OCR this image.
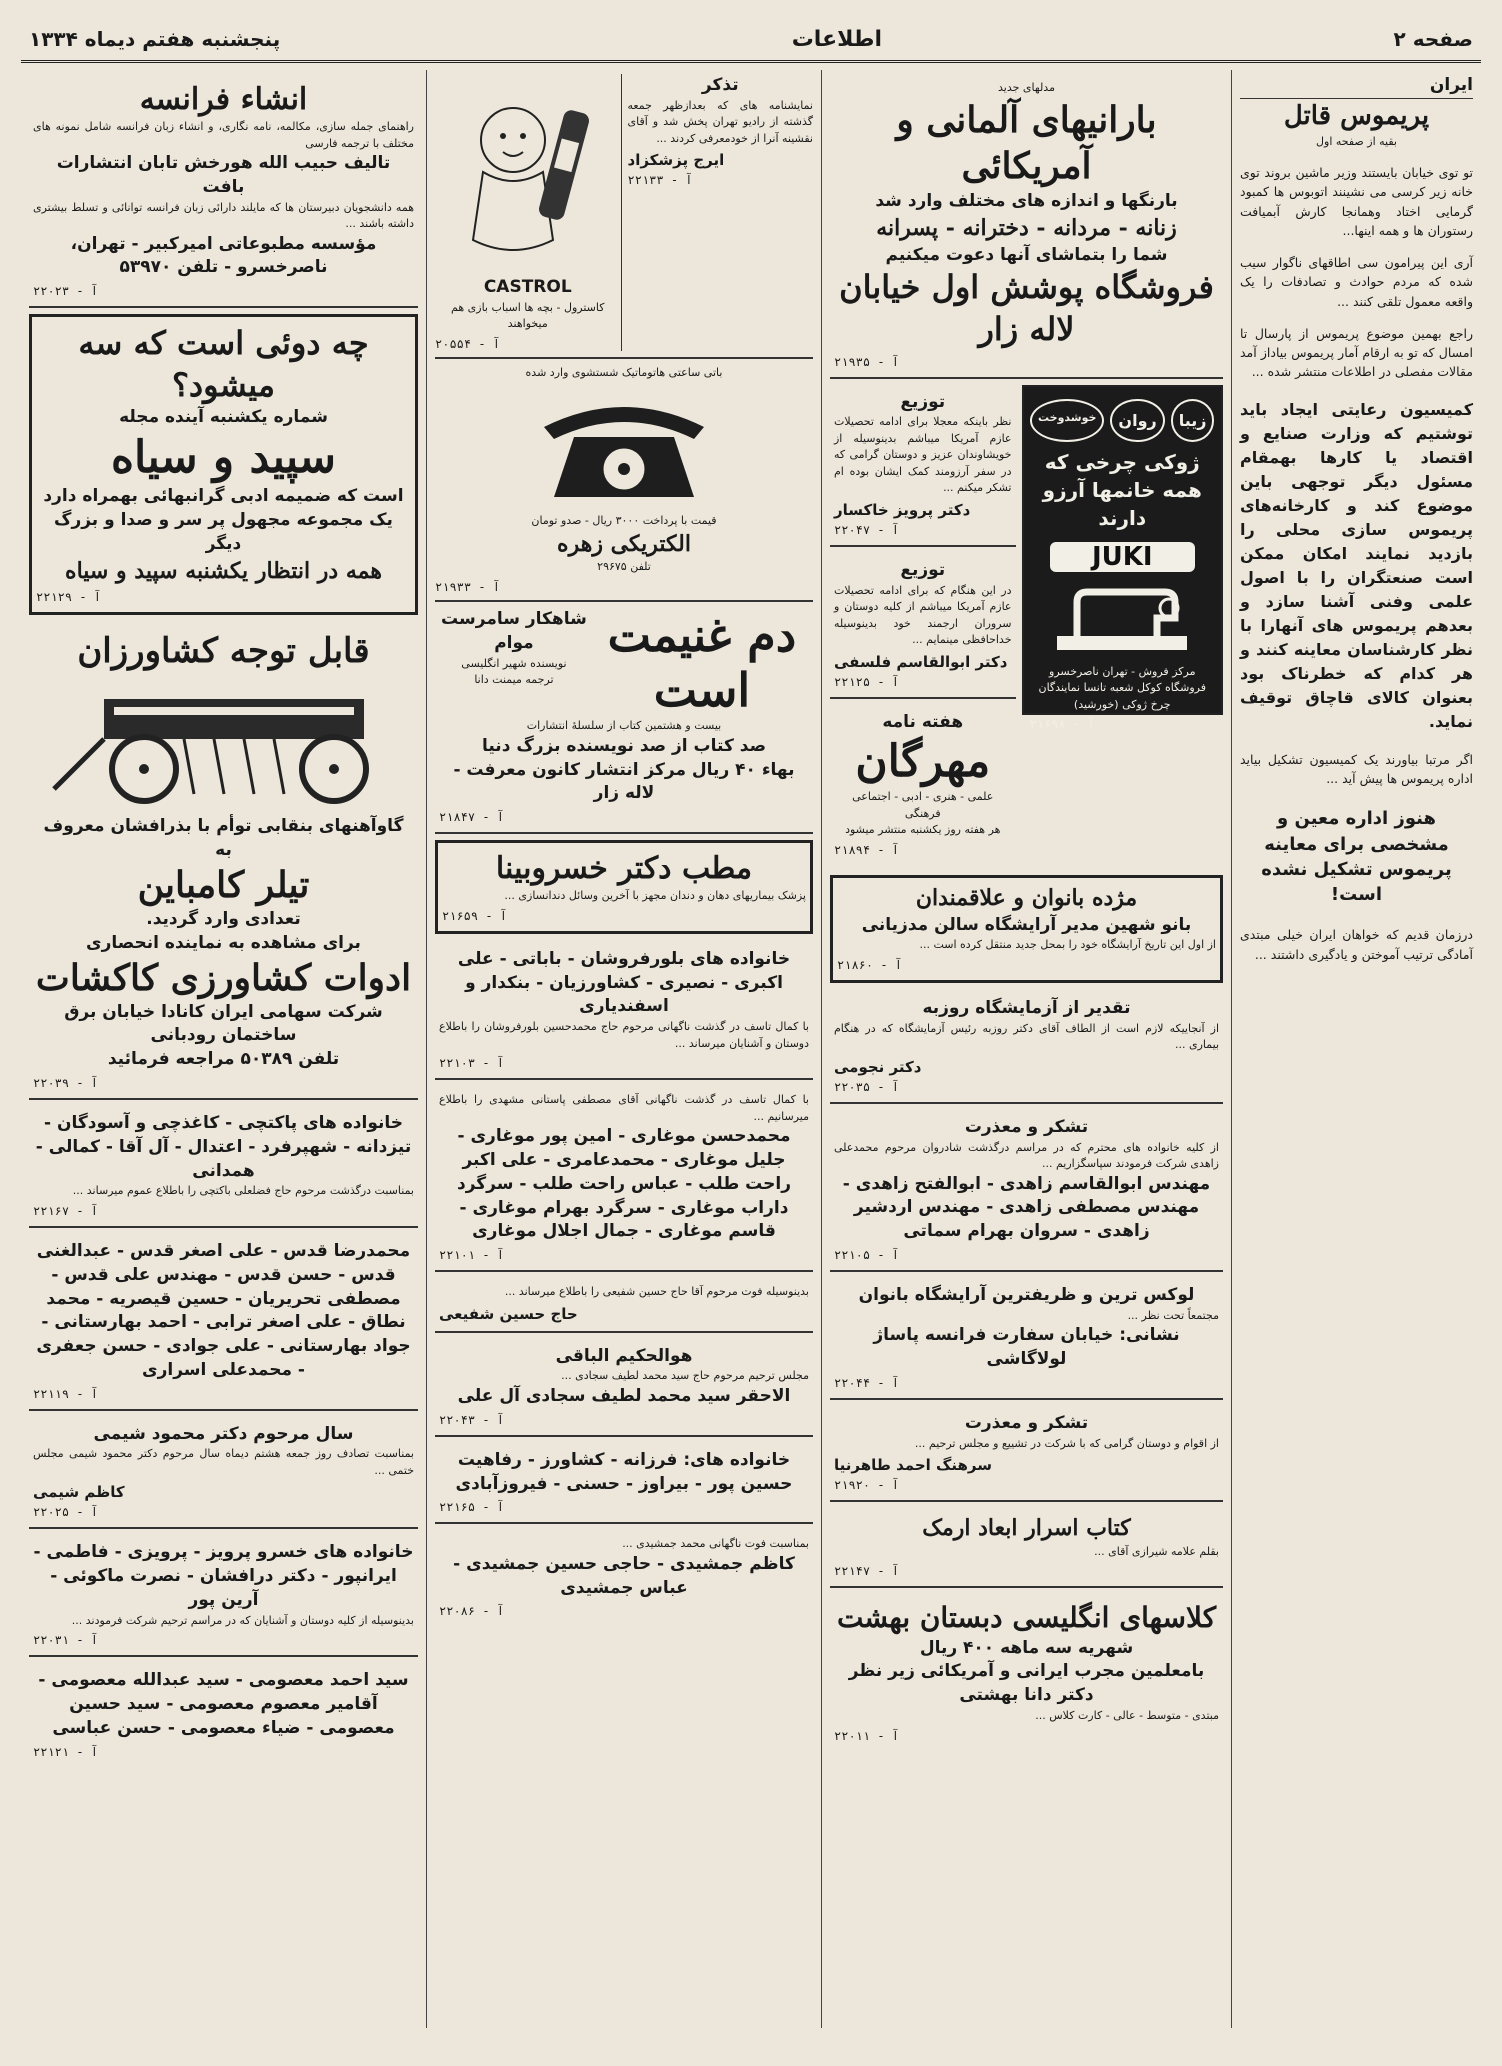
صفحه ۲
اطلاعات
پنجشنبه هفتم دیماه ۱۳۳۴
ایران
پریموس قاتل
بقیه از صفحه اول

تو توی خیابان بایستند وزیر ماشین بروند توی خانه زیر کرسی می نشینند اتوبوس ها کمبود گرمایی اختاد وهمانجا کارش آبمیافت رستوران ها و همه اینها...

آری این پیرامون سی اطاقهای ناگوار سیب شده که مردم حوادث و تصادفات را یک واقعه معمول تلقی کنند ...

راجع بهمین موضوع پریموس از پارسال تا امسال که تو به ارقام آمار پریموس بیاداز آمد مقالات مفصلی در اطلاعات منتشر شده ...

کمیسیون رعایتی ایجاد باید توشتیم که وزارت صنایع و اقتصاد یا کارها بهمقام مسئول دیگر توجهی باین موضوع کند و کارخانه‌های پریموس سازی محلی را بازدید نمایند امکان ممکن است صنعتگران را با اصول علمی وفنی آشنا سازد و بعدهم پریموس های آنهارا با نظر کارشناسان معاینه کنند و هر کدام که خطرناک بود بعنوان کالای قاچاق توقیف نماید.

اگر مرتبا بیاورند یک کمیسیون تشکیل بیاید اداره پریموس ها پیش آید ...

هنوز اداره معین و مشخصی برای معاینه پریموس تشکیل نشده است!

درزمان قدیم که خواهان ایران خیلی مبتدی آمادگی ترتیب آموختن و یادگیری داشتند ...

مدلهای جدید
بارانیهای آلمانی و آمریکائی
بارنگها و اندازه های مختلف وارد شد
زنانه - مردانه - دخترانه - پسرانه
شما را بتماشای آنها دعوت میکنیم
فروشگاه پوشش اول خیابان لاله زار
آ - ۲۱۹۳۵
زیبا
روان
خوشدوخت
ژوکی چرخی که همه خانمها آرزو دارند
JUKI
مرکز فروش - تهران ناصرخسرو فروشگاه کوکل شعبه تانسا نمایندگان چرخ ژوکی (خورشید)
آ - ۲۱۶۹۸
توزیع
نظر باینکه معجلا برای ادامه تحصیلات عازم آمریکا میباشم بدینوسیله از خویشاوندان عزیز و دوستان گرامی که در سفر آرزومند کمک ایشان بوده ام تشکر میکنم ...
دکتر پرویز خاکسار
آ - ۲۲۰۴۷
توزیع
در این هنگام که برای ادامه تحصیلات عازم آمریکا میباشم از کلیه دوستان و سروران ارجمند خود بدینوسیله خداحافظی مینمایم ...
دکتر ابوالقاسم فلسفی
آ - ۲۲۱۲۵
هفته نامه
مهرگان
علمی - هنری - ادبی - اجتماعی فرهنگی
هر هفته روز یکشنبه منتشر میشود
آ - ۲۱۸۹۴
مژده بانوان و علاقمندان
بانو شهین مدیر آرایشگاه سالن مدزیانی
از اول این تاریخ آرایشگاه خود را بمحل جدید منتقل کرده است ...
آ - ۲۱۸۶۰
تقدیر از آزمایشگاه روزبه
از آنجاییکه لازم است از الطاف آقای دکتر روزبه رئیس آزمایشگاه که در هنگام بیماری ...
دکتر نجومی
آ - ۲۲۰۳۵
تشکر و معذرت
از کلیه خانواده های محترم که در مراسم درگذشت شادروان مرحوم محمدعلی زاهدی شرکت فرمودند سپاسگزاریم ...
مهندس ابوالقاسم زاهدی - ابوالفتح زاهدی - مهندس مصطفی زاهدی - مهندس اردشیر زاهدی - سروان بهرام سماتی
آ - ۲۲۱۰۵
لوکس ترین و ظریفترین آرایشگاه بانوان
مجتمعاً تحت نظر ...
نشانی: خیابان سفارت فرانسه پاساژ لولاگاشی
آ - ۲۲۰۴۴
تشکر و معذرت
از اقوام و دوستان گرامی که با شرکت در تشییع و مجلس ترحیم ...
سرهنگ احمد طاهرنیا
آ - ۲۱۹۲۰
کتاب اسرار ابعاد ارمک
بقلم علامه شیرازی آقای ...
آ - ۲۲۱۴۷
کلاسهای انگلیسی دبستان بهشت
شهریه سه ماهه ۴۰۰ ریال
بامعلمین مجرب ایرانی و آمریکائی زیر نظر دکتر دانا بهشتی
مبتدی - متوسط - عالی - کارت کلاس ...
آ - ۲۲۰۱۱
تذکر
نمایشنامه های که بعدازظهر جمعه گذشته از رادیو تهران پخش شد و آقای نقشینه آنرا از خودمعرفی کردند ...
ایرج پزشکزاد
آ - ۲۲۱۳۳
CASTROL
کاسترول - بچه ها اسباب بازی هم میخواهند
آ - ۲۰۵۵۴
باتی ساعتی هاتوماتیک شستشوی وارد شده
قیمت با پرداخت ۳۰۰۰ ریال - صدو تومان
الکتریکی زهره
تلفن ۲۹۶۷۵
آ - ۲۱۹۳۳
دم غنیمت است
شاهکار سامرست موام
نویسنده شهیر انگلیسی
ترجمه میمنت دانا
بیست و هشتمین کتاب از سلسلهٔ انتشارات
صد کتاب از صد نویسنده بزرگ دنیا
بهاء ۴۰ ریال مرکز انتشار کانون معرفت - لاله زار
آ - ۲۱۸۴۷
مطب دکتر خسروبینا
پزشک بیماریهای دهان و دندان مجهز با آخرین وسائل دندانسازی ...
آ - ۲۱۶۵۹
خانواده های بلورفروشان - باباتی - علی اکبری - نصیری - کشاورزیان - بنکدار و اسفندیاری
با کمال تاسف در گذشت ناگهانی مرحوم حاج محمدحسین بلورفروشان را باطلاع دوستان و آشنایان میرساند ...
آ - ۲۲۱۰۳
با کمال تاسف در گذشت ناگهانی آقای مصطفی پاستانی مشهدی را باطلاع میرسانیم ...
محمدحسن موغاری - امین پور موغاری - جلیل موغاری - محمدعامری - علی اکبر راحت طلب - عباس راحت طلب - سرگرد داراب موغاری - سرگرد بهرام موغاری - قاسم موغاری - جمال اجلال موغاری
آ - ۲۲۱۰۱
بدینوسیله فوت مرحوم آقا حاج حسین شفیعی را باطلاع میرساند ...
حاج حسین شفیعی
هوالحکیم الباقی
مجلس ترحیم مرحوم حاج سید محمد لطیف سجادی ...
الاحقر سید محمد لطیف سجادی آل علی
آ - ۲۲۰۴۳
خانواده های: فرزانه - کشاورز - رفاهیت حسین پور - بیراوز - حسنی - فیروزآبادی
آ - ۲۲۱۶۵
بمناسبت فوت ناگهانی محمد جمشیدی ...
کاظم جمشیدی - حاجی حسین جمشیدی - عباس جمشیدی
آ - ۲۲۰۸۶
انشاء فرانسه
راهنمای جمله سازی، مکالمه، نامه نگاری، و انشاء زبان فرانسه شامل نمونه های مختلف با ترجمه فارسی
تالیف حبیب الله هورخش تابان انتشارات بافت
همه دانشجویان دبیرستان ها که مایلند دارائی زبان فرانسه توانائی و تسلط بیشتری داشته باشند ...
مؤسسه مطبوعاتی امیرکبیر - تهران، ناصرخسرو - تلفن ۵۳۹۷۰
آ - ۲۲۰۲۳
چه دوئی است که سه میشود؟
شماره یکشنبه آینده مجله
سپید و سیاه
است که ضمیمه ادبی گرانبهائی بهمراه دارد
یک مجموعه مجهول پر سر و صدا و بزرگ دیگر
همه در انتظار یکشنبه سپید و سیاه
آ - ۲۲۱۲۹
قابل توجه کشاورزان
گاوآهنهای بنقابی توأم با بذرافشان معروف به
تیلر کامباین
تعدادی وارد گردید.
برای مشاهده به نماینده انحصاری
ادوات کشاورزی کاکشات
شرکت سهامی ایران کانادا خیابان برق ساختمان رودبانی
تلفن ۵۰۳۸۹ مراجعه فرمائید
آ - ۲۲۰۳۹
خانواده های پاکتچی - کاغذچی و آسودگان - تیزدانه - شهپرفرد - اعتدال - آل آقا - کمالی - همدانی
بمناسبت درگذشت مرحوم حاج فضلعلی باکتچی را باطلاع عموم میرساند ...
آ - ۲۲۱۶۷
محمدرضا قدس - علی اصغر قدس - عبدالغنی قدس - حسن قدس - مهندس علی قدس - مصطفی تحریریان - حسین قیصریه - محمد نطاق - علی اصغر ترابی - احمد بهارستانی - جواد بهارستانی - علی جوادی - حسن جعفری - محمدعلی اسراری
آ - ۲۲۱۱۹
سال مرحوم دکتر محمود شیمی
بمناسبت تصادف روز جمعه هشتم دیماه سال مرحوم دکتر محمود شیمی مجلس ختمی ...
کاظم شیمی
آ - ۲۲۰۲۵
خانواده های خسرو پرویز - پرویزی - فاطمی - ایرانپور - دکتر درافشان - نصرت ماکوئی - آرین پور
بدینوسیله از کلیه دوستان و آشنایان که در مراسم ترحیم شرکت فرمودند ...
آ - ۲۲۰۳۱
سید احمد معصومی - سید عبدالله معصومی - آقامیر معصوم معصومی - سید حسین معصومی - ضیاء معصومی - حسن عباسی
آ - ۲۲۱۲۱
